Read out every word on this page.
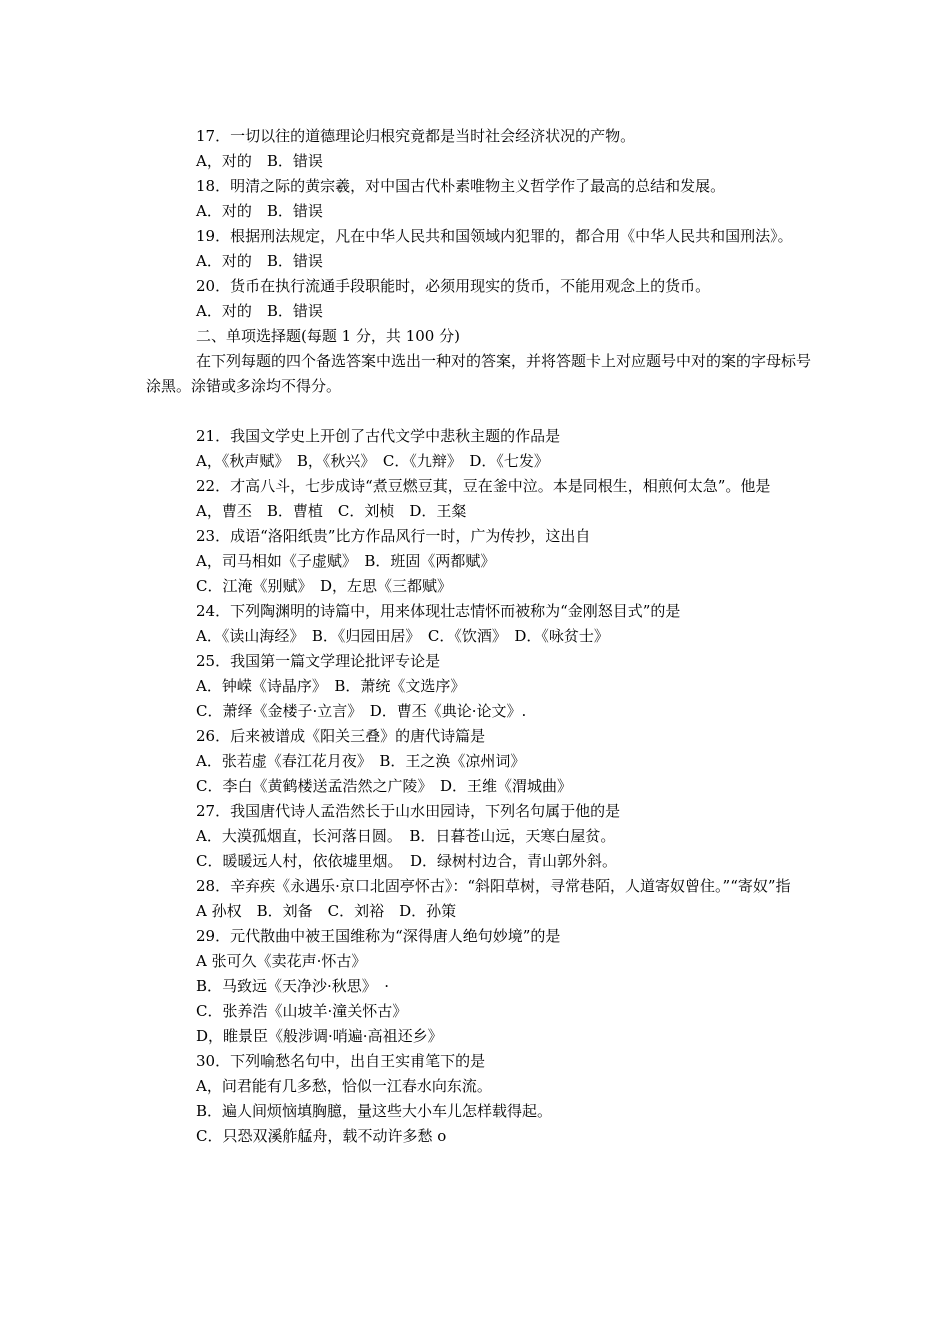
17．一切以往的道德理论归根究竟都是当时社会经济状况的产物。
A，对的　B．错误
18．明清之际的黄宗羲，对中国古代朴素唯物主义哲学作了最高的总结和发展。
A．对的　B．错误
19．根据刑法规定，凡在中华人民共和国领域内犯罪的，都合用《中华人民共和国刑法》。
A．对的　B．错误
20．货币在执行流通手段职能时，必须用现实的货币，不能用观念上的货币。
A．对的　B．错误
二、单项选择题(每题 1 分，共 100 分)
在下列每题的四个备选答案中选出一种对的答案，并将答题卡上对应题号中对的案的字母标号涂黑。涂错或多涂均不得分。
21．我国文学史上开创了古代文学中悲秋主题的作品是
A，《秋声赋》　B，《秋兴》　C．《九辩》　D．《七发》
22．才高八斗，七步成诗“煮豆燃豆萁，豆在釜中泣。本是同根生，相煎何太急”。他是
A，曹丕　B．曹植　C．刘桢　D．王粲
23．成语“洛阳纸贵”比方作品风行一时，广为传抄，这出自
A，司马相如《子虚赋》　B．班固《两都赋》
C．江淹《别赋》　D，左思《三都赋》
24．下列陶渊明的诗篇中，用来体现壮志情怀而被称为“金刚怒目式”的是
A．《读山海经》　B．《归园田居》　C．《饮酒》　D．《咏贫士》
25．我国第一篇文学理论批评专论是
A．钟嵘《诗晶序》　B．萧统《文选序》
C．萧绎《金楼子·立言》　D．曹丕《典论·论文》.
26．后来被谱成《阳关三叠》的唐代诗篇是
A．张若虚《春江花月夜》　B．王之涣《凉州词》
C．李白《黄鹤楼送孟浩然之广陵》　D．王维《渭城曲》
27．我国唐代诗人孟浩然长于山水田园诗，下列名句属于他的是
A．大漠孤烟直，长河落日圆。　B．日暮苍山远，天寒白屋贫。
C．暖暖远人村，依依墟里烟。　D．绿树村边合，青山郭外斜。
28．辛弃疾《永遇乐·京口北固亭怀古》：“斜阳草树，寻常巷陌，人道寄奴曾住。”“寄奴”指
A 孙权　B．刘备　C．刘裕　D．孙策
29．元代散曲中被王国维称为“深得唐人绝句妙境”的是
A 张可久《卖花声·怀古》
B．马致远《天净沙·秋思》　·
C．张养浩《山坡羊·潼关怀古》
D，睢景臣《般涉调·哨遍·高祖还乡》
30．下列喻愁名句中，出自王实甫笔下的是
A，问君能有几多愁，恰似一江春水向东流。
B．遍人间烦恼填胸臆，量这些大小车儿怎样载得起。
C．只恐双溪舴艋舟，载不动许多愁 o
